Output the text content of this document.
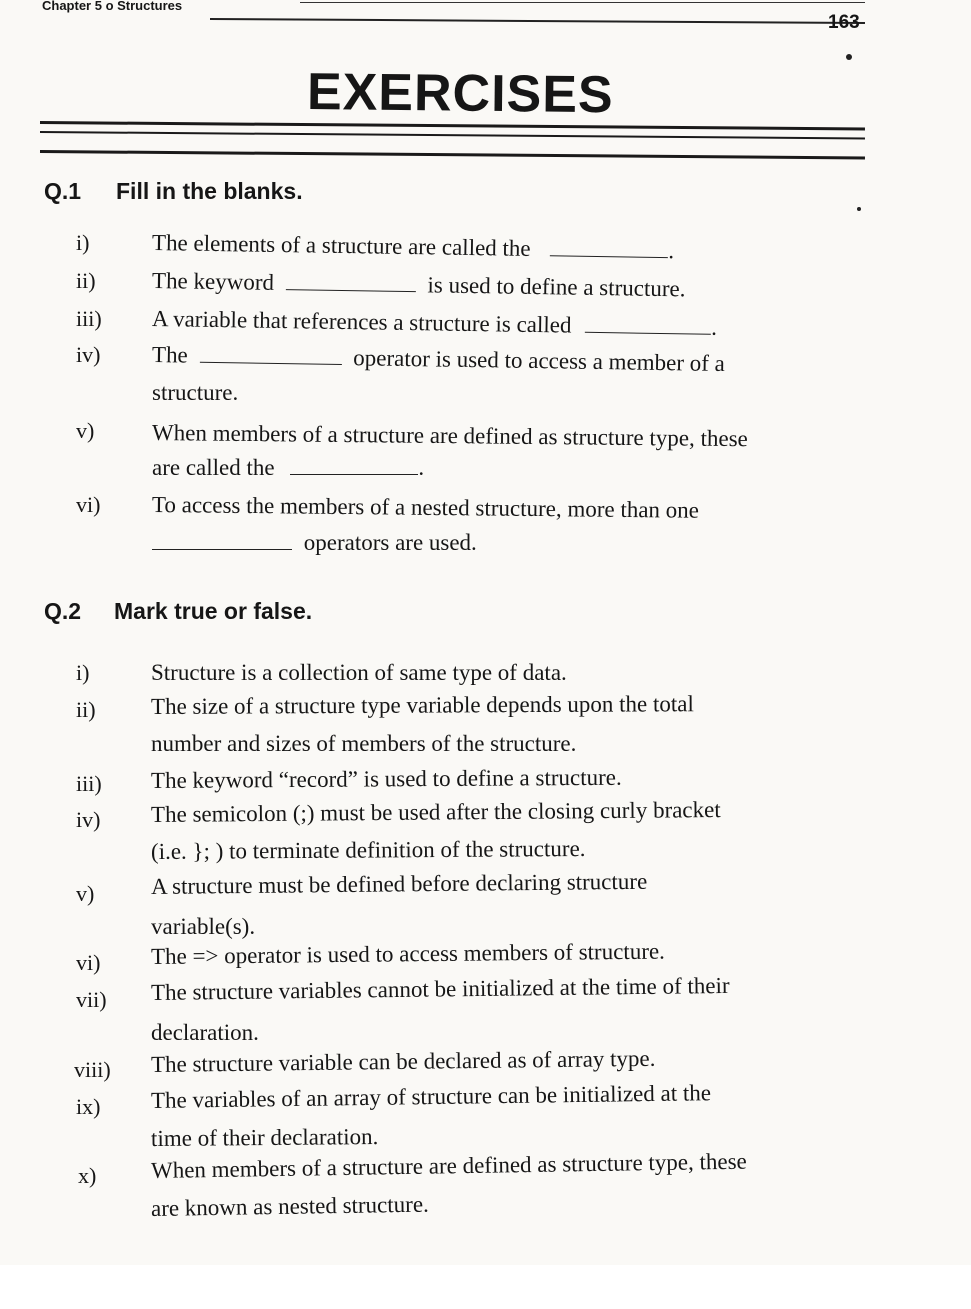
Chapter 5 o Structures
163
EXERCISES
Q.1 Fill in the blanks.
i)	The elements of a structure are called the	.
ii) The keyword	is used to define a structure.
iii) A variable that references a structure is called	.
iv) The	operator is used to access a member of a
structure.
v)	When members of a structure are defined as structure type, these
are called the	.
vi) To access the members of a nested structure, more than one
operators are used.
Q.2 Mark true or false.
i)	Structure is a collection of same type of data.
ii) The size of a structure type variable depends upon the total
number and sizes of members of the structure.
iii) The keyword “record” is used to define a structure.
iv) The semicolon (;) must be used after the closing curly bracket
(i.e. }; ) to terminate definition of the structure.
v) A structure must be defined before declaring structure
variable(s).
vi) The => operator is used to access members of structure.
vii) The structure variables cannot be initialized at the time of their
declaration.
viii) The structure variable can be declared as of array type.
ix) The variables of an array of structure can be initialized at the
time of their declaration.
x) When members of a structure are defined as structure type, these
are known as nested structure.
